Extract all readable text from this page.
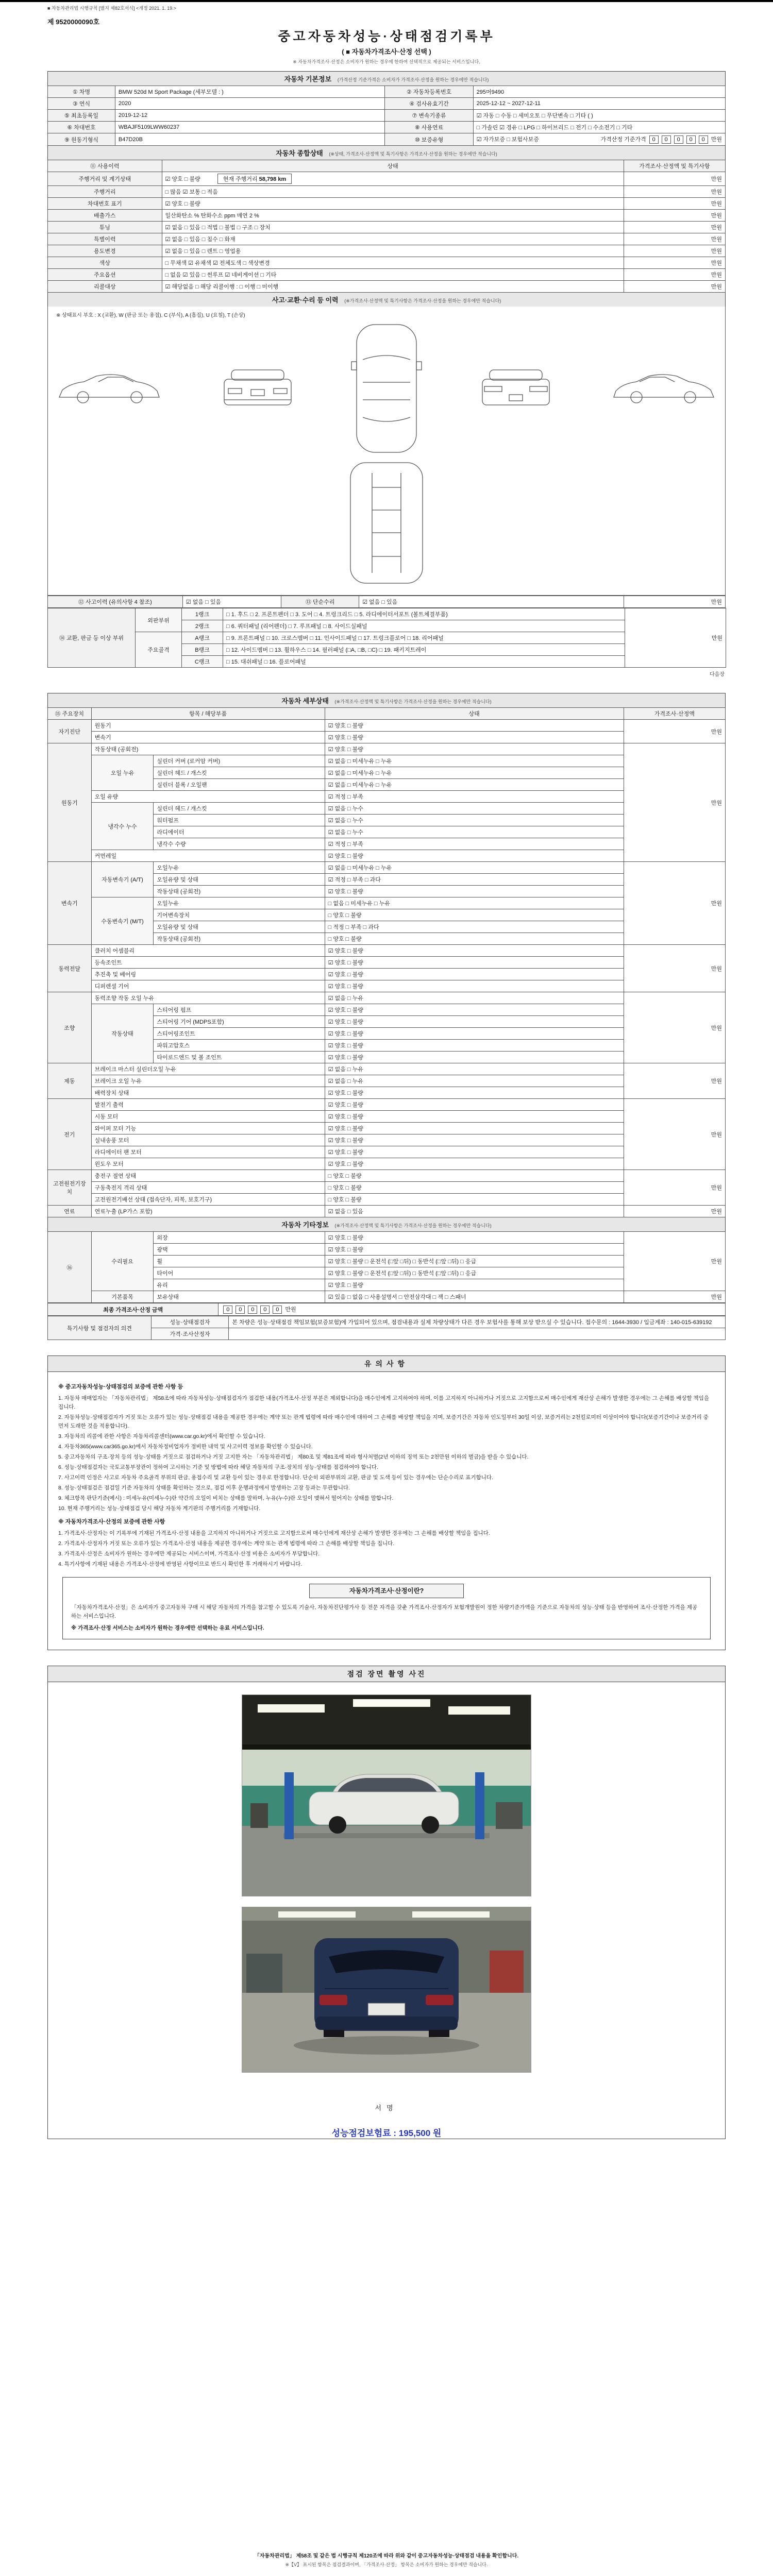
■ 자동차관리법 시행규칙 [별지 제82호서식] <개정 2021. 1. 19.>
제 9520000090호
중고자동차성능·상태점검기록부
( ■ 자동차가격조사·산정 선택 )
※ 자동차가격조사·산정은 소비자가 원하는 경우에 한하여 선택적으로 제공되는 서비스입니다.
자동차 기본정보 (가격산정 기준가격은 소비자가 가격조사·산정을 원하는 경우에만 적습니다)
① 차명	BMW 520d M Sport Package (세부모델 : )	② 자동차등록번호	295머9490
③ 연식	2020	④ 검사유효기간	2025-12-12 ~ 2027-12-11
⑤ 최초등록일	2019-12-12	⑦ 변속기종류	☑ 자동 □ 수동 □ 세미오토 □ 무단변속 □ 기타 ( )
⑥ 차대번호	WBAJF5109LWW60237	⑧ 사용연료	□ 가솔린 ☑ 경유 □ LPG □ 하이브리드 □ 전기 □ 수소전기 □ 기타
⑨ 원동기형식	B47D20B	⑩ 보증유형	☑ 자가보증 □ 보험사보증 가격산정 기준가격 0 0 0 0 0 만원
자동차 종합상태 (※상태, 가격조사·산정액 및 특기사항은 가격조사·산정을 원하는 경우에만 적습니다)
⑪ 사용이력	상태	가격조사·산정액 및 특기사항
주행거리 및 계기상태	☑ 양호 □ 불량 현재 주행거리 58,798 km	만원
주행거리	□ 많음 ☑ 보통 □ 적음	만원
차대번호 표기	☑ 양호 □ 불량	만원
배출가스	일산화탄소 % 탄화수소 ppm 매연 2 %	만원
튜닝	☑ 없음 □ 있음 □ 적법 □ 불법 □ 구조 □ 장치	만원
특별이력	☑ 없음 □ 있음 □ 침수 □ 화재	만원
용도변경	☑ 없음 □ 있음 □ 렌트 □ 영업용	만원
색상	□ 무채색 ☑ 유채색 ☑ 전체도색 □ 색상변경	만원
주요옵션	□ 없음 ☑ 있음 □ 썬루프 ☑ 네비게이션 □ 기타	만원
리콜대상	☑ 해당없음 □ 해당 리콜이행 : □ 이행 □ 미이행	만원
사고·교환·수리 등 이력 (※가격조사·산정액 및 특기사항은 가격조사·산정을 원하는 경우에만 적습니다)
※ 상태표시 부호 : X (교환), W (판금 또는 용접), C (부식), A (흠집), U (요철), T (손상)
⑫ 사고이력 (유의사항 4 참조)	☑ 없음 □ 있음	⑬ 단순수리	☑ 없음 □ 있음	만원
⑭ 교환, 판금 등 이상 부위	외판부위	1랭크	□ 1. 후드 □ 2. 프론트펜더 □ 3. 도어 □ 4. 트렁크리드 □ 5. 라디에이터서포트 (볼트체결부품)	만원
		2랭크	□ 6. 쿼터패널 (리어펜더) □ 7. 루프패널 □ 8. 사이드실패널	
	주요골격	A랭크	□ 9. 프론트패널 □ 10. 크로스멤버 □ 11. 인사이드패널 □ 17. 트렁크플로어 □ 18. 리어패널	
		B랭크	□ 12. 사이드멤버 □ 13. 휠하우스 □ 14. 필러패널 (□A, □B, □C) □ 19. 패키지트레이	
		C랭크	□ 15. 대쉬패널 □ 16. 플로어패널	
다음장
자동차 세부상태 (※가격조사·산정액 및 특기사항은 가격조사·산정을 원하는 경우에만 적습니다)
⑮ 주요장치	항목 / 해당부품		상태	가격조사·산정액
자기진단	원동기		☑ 양호 □ 불량	만원
	변속기		☑ 양호 □ 불량	
원동기	작동상태 (공회전)		☑ 양호 □ 불량	만원
	오일 누유	실린더 커버 (로커암 커버)	☑ 없음 □ 미세누유 □ 누유	
		실린더 헤드 / 개스킷	☑ 없음 □ 미세누유 □ 누유	
		실린더 블록 / 오일팬	☑ 없음 □ 미세누유 □ 누유	
	오일 유량		☑ 적정 □ 부족	
	냉각수 누수	실린더 헤드 / 개스킷	☑ 없음 □ 누수	
		워터펌프	☑ 없음 □ 누수	
		라디에이터	☑ 없음 □ 누수	
		냉각수 수량	☑ 적정 □ 부족	
	커먼레일		☑ 양호 □ 불량	
변속기	자동변속기 (A/T)	오일누유	☑ 없음 □ 미세누유 □ 누유	만원
		오일유량 및 상태	☑ 적정 □ 부족 □ 과다	
		작동상태 (공회전)	☑ 양호 □ 불량	
	수동변속기 (M/T)	오일누유	□ 없음 □ 미세누유 □ 누유	
		기어변속장치	□ 양호 □ 불량	
		오일유량 및 상태	□ 적정 □ 부족 □ 과다	
		작동상태 (공회전)	□ 양호 □ 불량	
동력전달	클러치 어셈블리		☑ 양호 □ 불량	만원
	등속조인트		☑ 양호 □ 불량	
	추진축 및 베어링		☑ 양호 □ 불량	
	디퍼렌셜 기어		☑ 양호 □ 불량	
조향	동력조향 작동 오일 누유		☑ 없음 □ 누유	만원
	작동상태	스티어링 펌프	☑ 양호 □ 불량	
		스티어링 기어 (MDPS포함)	☑ 양호 □ 불량	
		스티어링조인트	☑ 양호 □ 불량	
		파워고압호스	☑ 양호 □ 불량	
		타이로드엔드 및 볼 조인트	☑ 양호 □ 불량	
제동	브레이크 마스터 실린더오일 누유		☑ 없음 □ 누유	만원
	브레이크 오일 누유		☑ 없음 □ 누유	
	배력장치 상태		☑ 양호 □ 불량	
전기	발전기 출력		☑ 양호 □ 불량	만원
	시동 모터		☑ 양호 □ 불량	
	와이퍼 모터 기능		☑ 양호 □ 불량	
	실내송풍 모터		☑ 양호 □ 불량	
	라디에이터 팬 모터		☑ 양호 □ 불량	
	윈도우 모터		☑ 양호 □ 불량	
고전원전기장치	충전구 절연 상태		□ 양호 □ 불량	만원
	구동축전지 격리 상태		□ 양호 □ 불량	
	고전원전기배선 상태 (접속단자, 피복, 보호기구)		□ 양호 □ 불량	
연료	연료누출 (LP가스 포함)		☑ 없음 □ 있음	만원
자동차 기타정보 (※가격조사·산정액 및 특기사항은 가격조사·산정을 원하는 경우에만 적습니다)
⑯	수리필요	외장	☑ 양호 □ 불량	만원
		광택	☑ 양호 □ 불량	
		휠	☑ 양호 □ 불량 □ 운전석 (□앞 □뒤) □ 동반석 (□앞 □뒤) □ 응급	
		타이어	☑ 양호 □ 불량 □ 운전석 (□앞 □뒤) □ 동반석 (□앞 □뒤) □ 응급	
		유리	☑ 양호 □ 불량	
	기본품목	보유상태	☑ 있음 □ 없음 □ 사용설명서 □ 안전삼각대 □ 잭 □ 스패너	만원
최종 가격조사·산정 금액	0 0 0 0 0 만원
특기사항 및 점검자의 의견	성능·상태점검자	본 차량은 성능·상태점검 책임보험(보증보험)에 가입되어 있으며, 점검내용과 실제 차량상태가 다른 경우 보험사를 통해 보상 받으실 수 있습니다. 접수문의 : 1644-3930 / 입금계좌 : 140-015-639192
	가격·조사산정자	
유의사항
※ 중고자동차성능·상태점검의 보증에 관한 사항 등
1. 자동차 매매업자는 「자동차관리법」 제58조에 따라 자동차성능·상태점검자가 점검한 내용(가격조사·산정 부분은 제외합니다)을 매수인에게 고지하여야 하며, 이를 고지하지 아니하거나 거짓으로 고지함으로써 매수인에게 재산상 손해가 발생한 경우에는 그 손해를 배상할 책임을 집니다.
2. 자동차성능·상태점검자가 거짓 또는 오류가 있는 성능·상태점검 내용을 제공한 경우에는 계약 또는 관계 법령에 따라 매수인에 대하여 그 손해를 배상할 책임을 지며, 보증기간은 자동차 인도일부터 30일 이상, 보증거리는 2천킬로미터 이상이어야 합니다(보증기간이나 보증거리 중 먼저 도래한 것을 적용합니다).
3. 자동차의 리콜에 관한 사항은 자동차리콜센터(www.car.go.kr)에서 확인할 수 있습니다.
4. 자동차365(www.car365.go.kr)에서 자동차정비업자가 정비한 내역 및 사고이력 정보를 확인할 수 있습니다.
5. 중고자동차의 구조·장치 등의 성능·상태를 거짓으로 점검하거나 거짓 고지한 자는 「자동차관리법」 제80조 및 제81조에 따라 형사처벌(2년 이하의 징역 또는 2천만원 이하의 벌금)을 받을 수 있습니다.
6. 성능·상태점검자는 국토교통부장관이 정하여 고시하는 기준 및 방법에 따라 해당 자동차의 구조·장치의 성능·상태를 점검하여야 합니다.
7. 사고이력 인정은 사고로 자동차 주요골격 부위의 판금, 용접수리 및 교환 등이 있는 경우로 한정합니다. 단순히 외판부위의 교환, 판금 및 도색 등이 있는 경우에는 단순수리로 표기합니다.
8. 성능·상태점검은 점검일 기준 자동차의 상태를 확인하는 것으로, 점검 이후 운행과정에서 발생하는 고장 등과는 무관합니다.
9. 체크항목 판단기준(예시) : 미세누유(미세누수)란 약간의 오일이 비치는 상태를 말하며, 누유(누수)란 오일이 맺혀서 떨어지는 상태를 말합니다.
10. 현재 주행거리는 성능·상태점검 당시 해당 자동차 계기판의 주행거리를 기재합니다.
※ 자동차가격조사·산정의 보증에 관한 사항
1. 가격조사·산정자는 이 기록부에 기재된 가격조사·산정 내용을 고지하지 아니하거나 거짓으로 고지함으로써 매수인에게 재산상 손해가 발생한 경우에는 그 손해를 배상할 책임을 집니다.
2. 가격조사·산정자가 거짓 또는 오류가 있는 가격조사·산정 내용을 제공한 경우에는 계약 또는 관계 법령에 따라 그 손해를 배상할 책임을 집니다.
3. 가격조사·산정은 소비자가 원하는 경우에만 제공되는 서비스이며, 가격조사·산정 비용은 소비자가 부담합니다.
4. 특기사항에 기재된 내용은 가격조사·산정에 반영된 사항이므로 반드시 확인한 후 거래하시기 바랍니다.
자동차가격조사·산정이란?
「자동차가격조사·산정」은 소비자가 중고자동차 구매 시 해당 자동차의 가격을 참고할 수 있도록 기술사, 자동차진단평가사 등 전문 자격을 갖춘 가격조사·산정자가 보험개발원이 정한 차량기준가액을 기준으로 자동차의 성능·상태 등을 반영하여 조사·산정한 가격을 제공하는 서비스입니다.
※ 가격조사·산정 서비스는 소비자가 원하는 경우에만 선택하는 유료 서비스입니다.
점검 장면 촬영 사진
서명
성능점검보험료 : 195,500 원
「자동차관리법」 제58조 및 같은 법 시행규칙 제120조에 따라 위와 같이 중고자동차성능·상태점검 내용을 확인합니다.
※【V】 표시된 항목은 점검결과이며, 「가격조사·산정」 항목은 소비자가 원하는 경우에만 적습니다.
